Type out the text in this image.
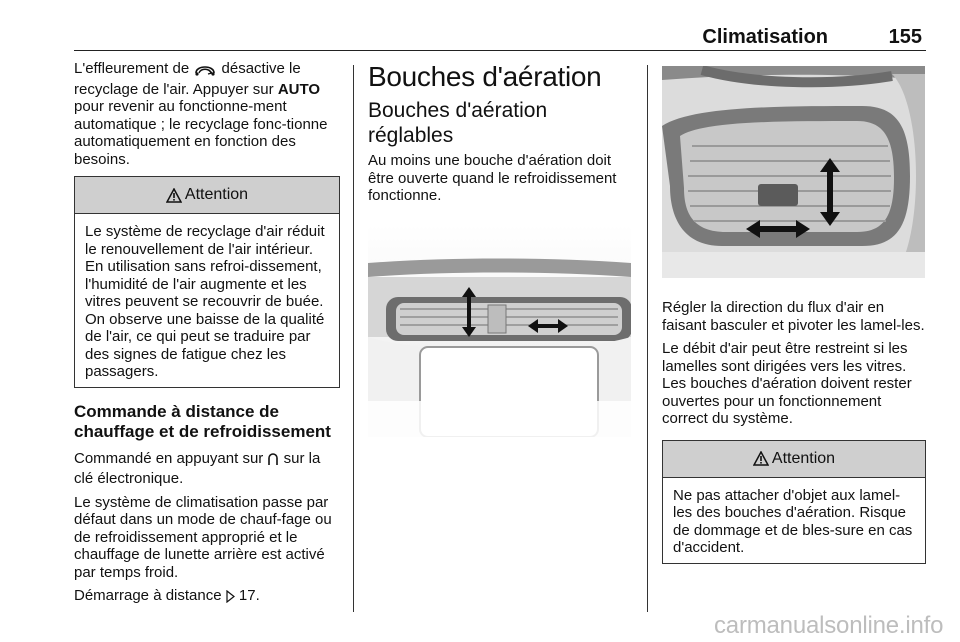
Climatisation	155

L'effleurement de  désactive le recyclage de l'air. Appuyer sur AUTO pour revenir au fonctionne-ment automatique ; le recyclage fonc-tionne automatiquement en fonction des besoins.

Attention

Le système de recyclage d'air réduit le renouvellement de l'air intérieur. En utilisation sans refroi-dissement, l'humidité de l'air augmente et les vitres peuvent se recouvrir de buée. On observe une baisse de la qualité de l'air, ce qui peut se traduire par des signes de fatigue chez les passagers.

Commande à distance de chauffage et de refroidissement

Commandé en appuyant sur  sur la clé électronique.

Le système de climatisation passe par défaut dans un mode de chauf-fage ou de refroidissement approprié et le chauffage de lunette arrière est activé par temps froid.

Démarrage à distance  17.

Bouches d'aération
Bouches d'aération réglables

Au moins une bouche d'aération doit être ouverte quand le refroidissement fonctionne.

Régler la direction du flux d'air en faisant basculer et pivoter les lamel-les.

Le débit d'air peut être restreint si les lamelles sont dirigées vers les vitres. Les bouches d'aération doivent rester ouvertes pour un fonctionnement correct du système.

Attention

Ne pas attacher d'objet aux lamel-les des bouches d'aération. Risque de dommage et de bles-sure en cas d'accident.

carmanualsonline.info
